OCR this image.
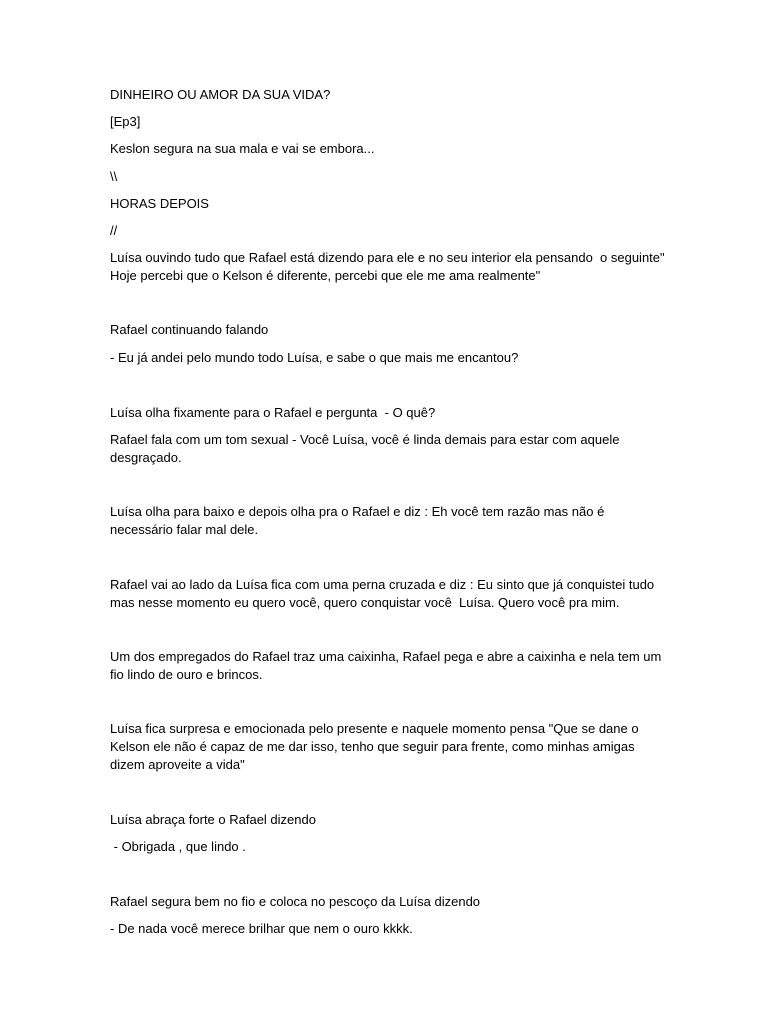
DINHEIRO OU AMOR DA SUA VIDA?

[Ep3]

Keslon segura na sua mala e vai se embora...

\\

HORAS DEPOIS

//

Luísa ouvindo tudo que Rafael está dizendo para ele e no seu interior ela pensando  o seguinte" Hoje percebi que o Kelson é diferente, percebi que ele me ama realmente"

Rafael continuando falando

- Eu já andei pelo mundo todo Luísa, e sabe o que mais me encantou?

Luísa olha fixamente para o Rafael e pergunta  - O quê?

Rafael fala com um tom sexual - Você Luísa, você é linda demais para estar com aquele desgraçado.

Luísa olha para baixo e depois olha pra o Rafael e diz : Eh você tem razão mas não é necessário falar mal dele.

Rafael vai ao lado da Luísa fica com uma perna cruzada e diz : Eu sinto que já conquistei tudo mas nesse momento eu quero você, quero conquistar você  Luísa. Quero você pra mim.

Um dos empregados do Rafael traz uma caixinha, Rafael pega e abre a caixinha e nela tem um fio lindo de ouro e brincos.

Luísa fica surpresa e emocionada pelo presente e naquele momento pensa "Que se dane o Kelson ele não é capaz de me dar isso, tenho que seguir para frente, como minhas amigas dizem aproveite a vida"

Luísa abraça forte o Rafael dizendo

- Obrigada , que lindo .

Rafael segura bem no fio e coloca no pescoço da Luísa dizendo

- De nada você merece brilhar que nem o ouro kkkk.
